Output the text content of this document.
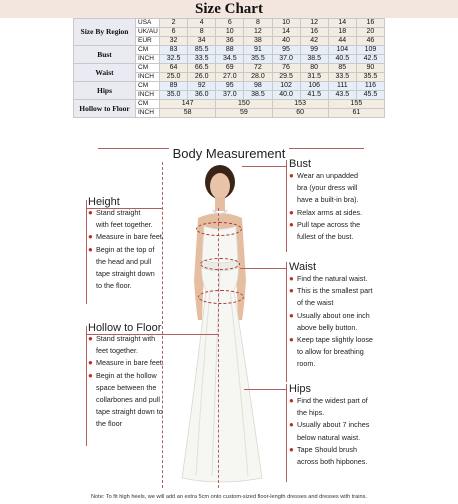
Size Chart
Size By Region	USA	2	4	6	8	10	12	14	16
	UK/AU	6	8	10	12	14	16	18	20
	EUR	32	34	36	38	40	42	44	46
Bust	CM	83	85.5	88	91	95	99	104	109
	INCH	32.5	33.5	34.5	35.5	37.0	38.5	40.5	42.5
Waist	CM	64	66.5	69	72	76	80	85	90
	INCH	25.0	26.0	27.0	28.0	29.5	31.5	33.5	35.5
Hips	CM	89	92	95	98	102	106	111	116
	INCH	35.0	36.0	37.0	38.5	40.0	41.5	43.5	45.5
Hollow to Floor	CM	147		150		153		155	
	INCH	58		59		60		61	
Body Measurement
Height
● Stand straight
with feet together.
● Measure in bare feet.
● Begin at the top of
the head and pull
tape straight down
to the floor.
Hollow to Floor
● Stand straight with
feet together.
● Measure in bare feet.
● Begin at the hollow
space between the
collarbones and pull
tape straight down to
the floor
Bust
● Wear an unpadded
bra (your dress will
have a built-in bra).
● Relax arms at sides.
● Pull tape across the
fullest of the bust.
Waist
● Find the natural waist.
● This is the smallest part
of the waist
● Usually about one inch
above belly button.
● Keep tape slightly loose
to allow for breathing
room.
Hips
● Find the widest part of
the hips.
● Usually about 7 inches
below natural waist.
● Tape Should brush
across both hipbones.
Note: To fit high heels, we will add an extra 5cm onto custom-sized floor-length dresses and dresses with trains.
